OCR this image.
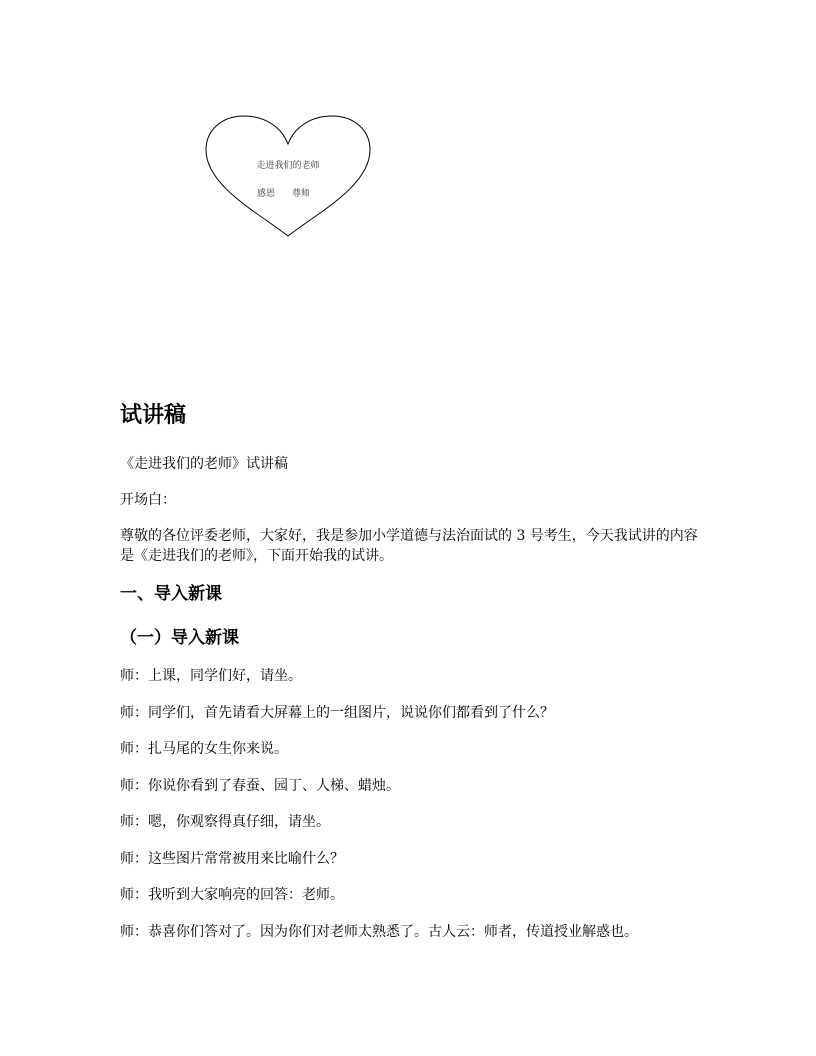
走进我们的老师
感恩 尊师
试讲稿
《走进我们的老师》试讲稿
开场白：
尊敬的各位评委老师，大家好，我是参加小学道德与法治面试的 3 号考生，今天我试讲的内容是《走进我们的老师》，下面开始我的试讲。
一、导入新课
（一）导入新课
师：上课，同学们好，请坐。
师：同学们，首先请看大屏幕上的一组图片，说说你们都看到了什么？
师：扎马尾的女生你来说。
师：你说你看到了春蚕、园丁、人梯、蜡烛。
师：嗯，你观察得真仔细，请坐。
师：这些图片常常被用来比喻什么？
师：我听到大家响亮的回答：老师。
师：恭喜你们答对了。因为你们对老师太熟悉了。古人云：师者，传道授业解惑也。
